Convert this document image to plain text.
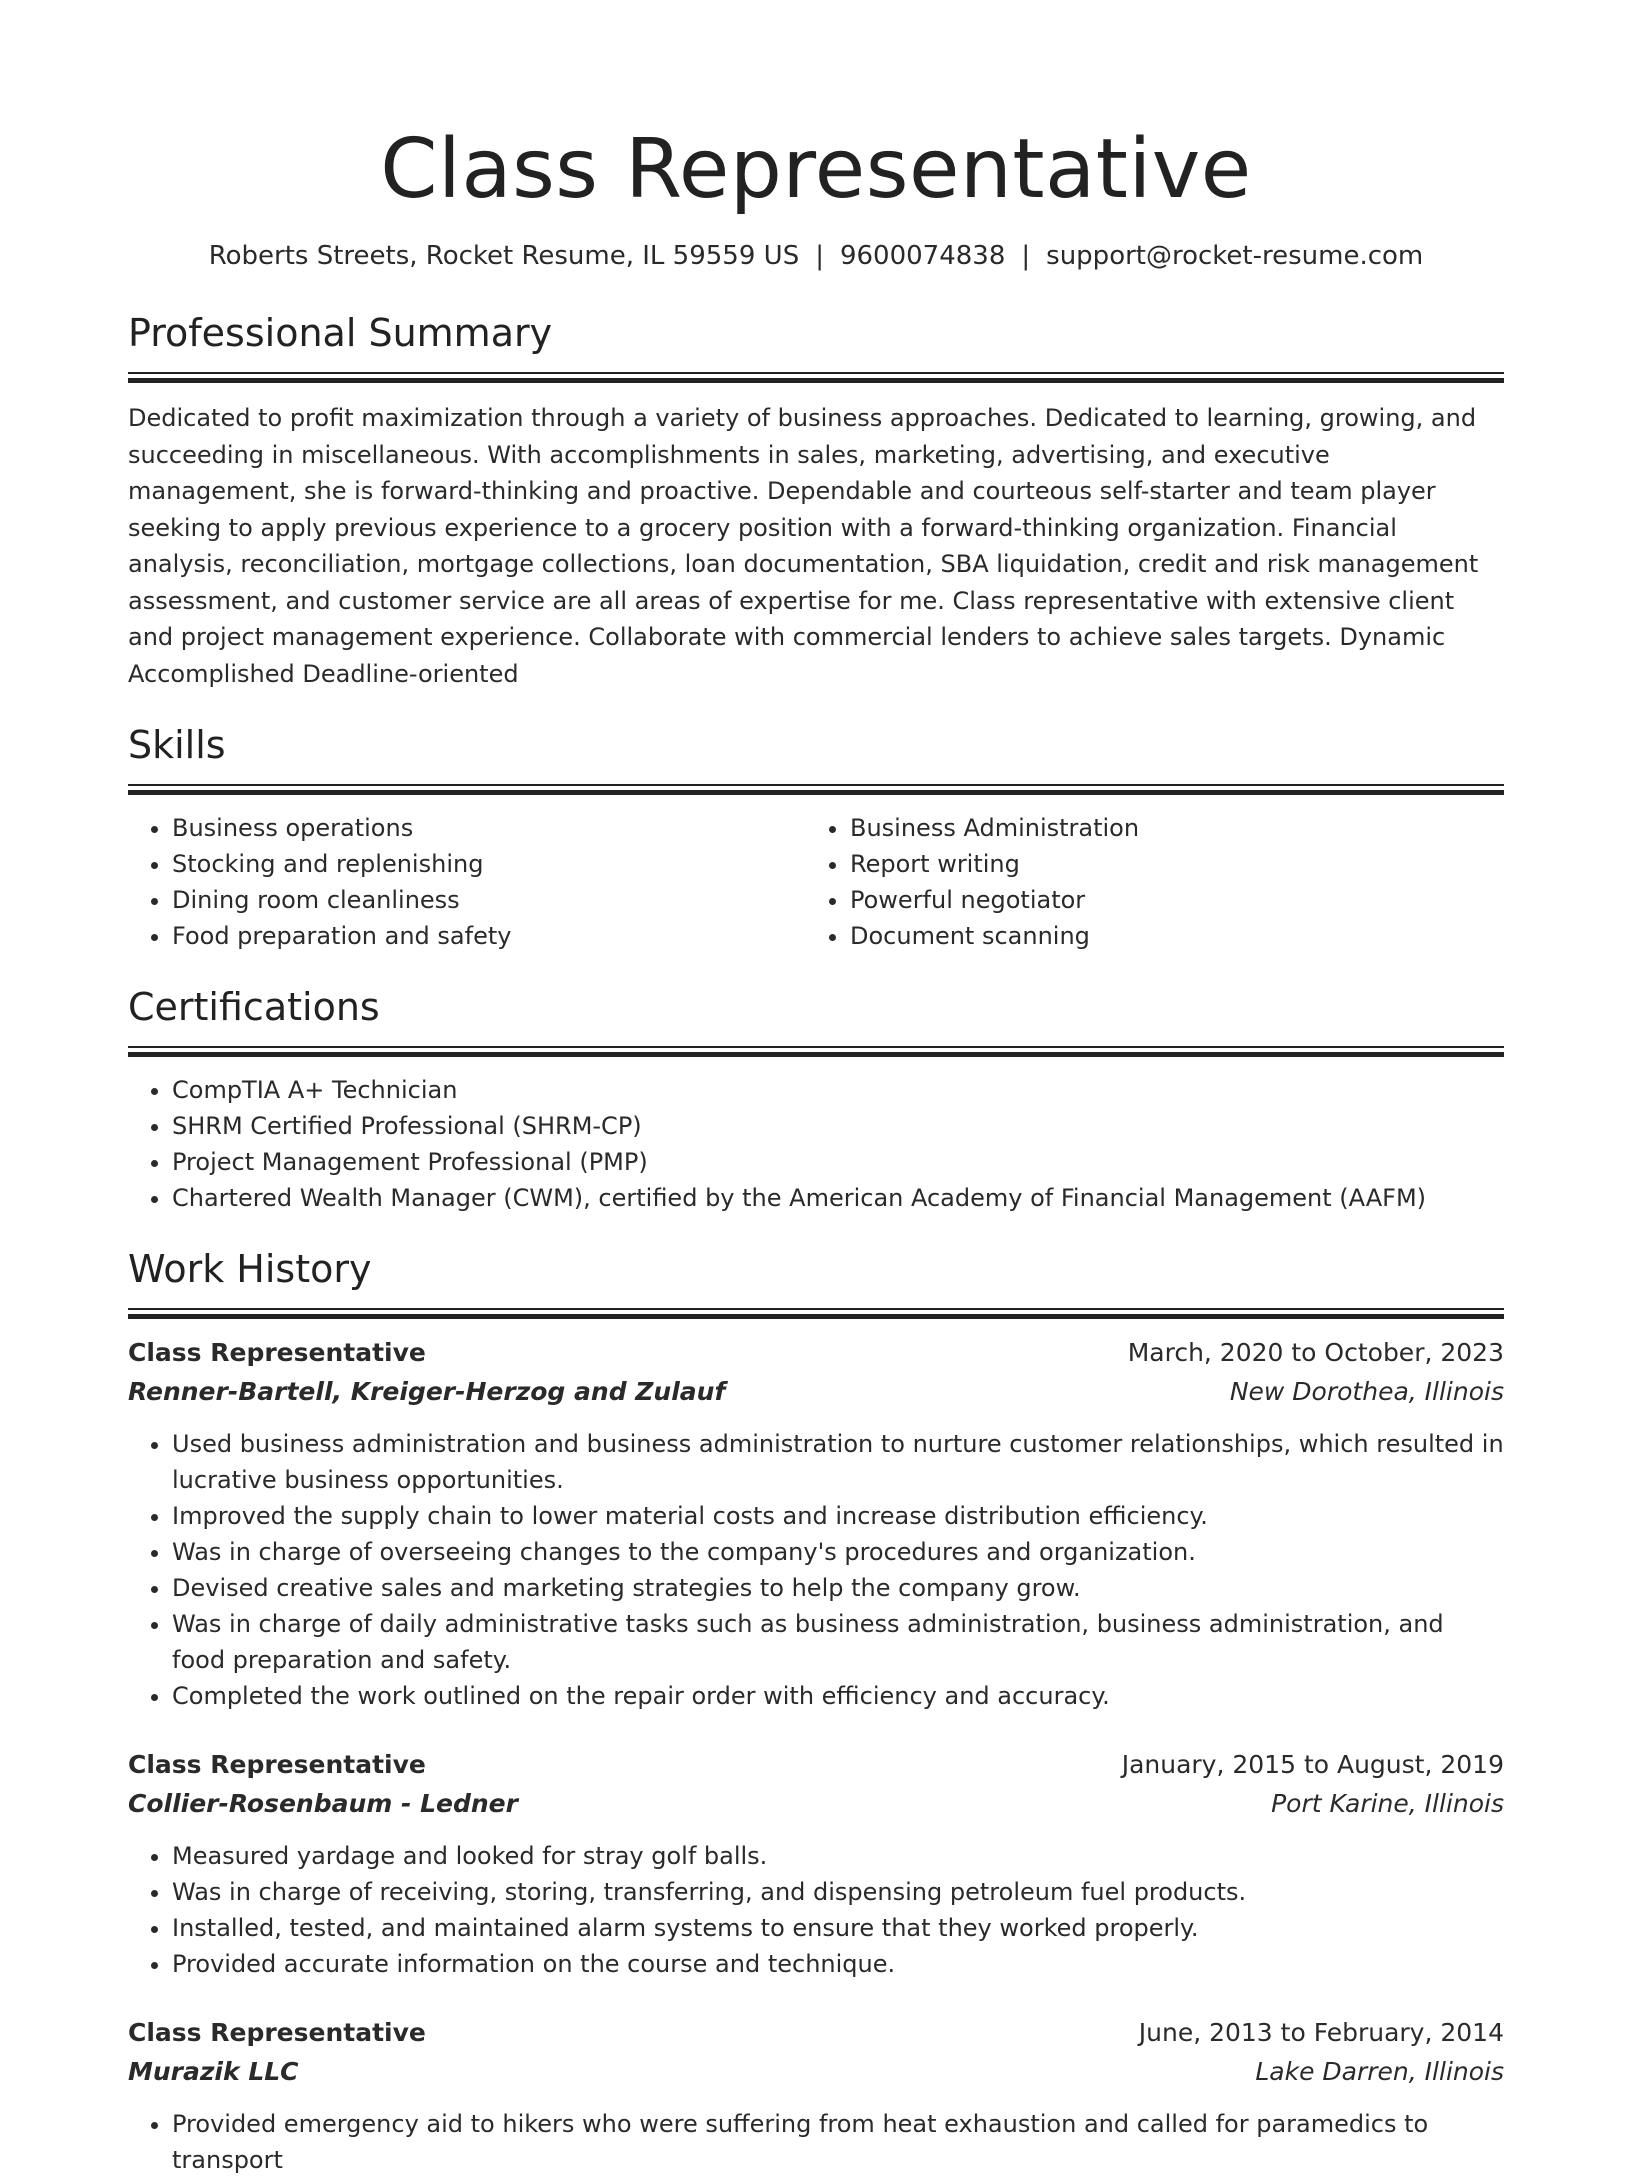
Class Representative
Roberts Streets, Rocket Resume, IL 59559 US | 9600074838 | support@rocket-resume.com
Professional Summary
Dedicated to profit maximization through a variety of business approaches. Dedicated to learning, growing, and succeeding in miscellaneous. With accomplishments in sales, marketing, advertising, and executive management, she is forward-thinking and proactive. Dependable and courteous self-starter and team player seeking to apply previous experience to a grocery position with a forward-thinking organization. Financial analysis, reconciliation, mortgage collections, loan documentation, SBA liquidation, credit and risk management assessment, and customer service are all areas of expertise for me. Class representative with extensive client and project management experience. Collaborate with commercial lenders to achieve sales targets. Dynamic Accomplished Deadline-oriented
Skills
• Business operations
• Stocking and replenishing
• Dining room cleanliness
• Food preparation and safety
• Business Administration
• Report writing
• Powerful negotiator
• Document scanning
Certifications
• CompTIA A+ Technician
• SHRM Certified Professional (SHRM-CP)
• Project Management Professional (PMP)
• Chartered Wealth Manager (CWM), certified by the American Academy of Financial Management (AAFM)
Work History
Class Representative	March, 2020 to October, 2023
Renner-Bartell, Kreiger-Herzog and Zulauf	New Dorothea, Illinois
• Used business administration and business administration to nurture customer relationships, which resulted in lucrative business opportunities.
• Improved the supply chain to lower material costs and increase distribution efficiency.
• Was in charge of overseeing changes to the company's procedures and organization.
• Devised creative sales and marketing strategies to help the company grow.
• Was in charge of daily administrative tasks such as business administration, business administration, and food preparation and safety.
• Completed the work outlined on the repair order with efficiency and accuracy.
Class Representative	January, 2015 to August, 2019
Collier-Rosenbaum - Ledner	Port Karine, Illinois
• Measured yardage and looked for stray golf balls.
• Was in charge of receiving, storing, transferring, and dispensing petroleum fuel products.
• Installed, tested, and maintained alarm systems to ensure that they worked properly.
• Provided accurate information on the course and technique.
Class Representative	June, 2013 to February, 2014
Murazik LLC	Lake Darren, Illinois
• Provided emergency aid to hikers who were suffering from heat exhaustion and called for paramedics to transport
